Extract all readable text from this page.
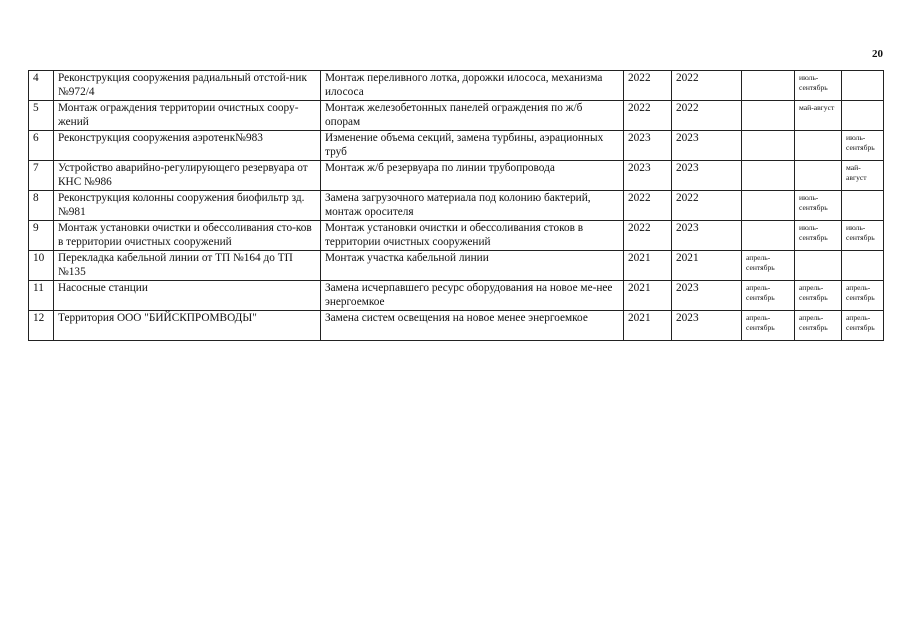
20
4	Реконструкция сооружения радиальный отстой-ник №972/4	Монтаж переливного лотка, дорожки илососа, механизма илососа	2022	2022		июль-сентябрь	
5	Монтаж ограждения территории очистных соору-жений	Монтаж железобетонных панелей ограждения по ж/б опорам	2022	2022		май-август	
6	Реконструкция сооружения аэротенк№983	Изменение объема секций, замена турбины, аэрационных труб	2023	2023			июль-сентябрь
7	Устройство аварийно-регулирующего резервуара от КНС №986	Монтаж ж/б резервуара по линии трубопровода	2023	2023			май-август
8	Реконструкция колонны сооружения биофильтр зд.№981	Замена загрузочного материала под колонию бактерий, монтаж оросителя	2022	2022		июль-сентябрь	
9	Монтаж установки очистки и обессоливания сто-ков в территории очистных сооружений	Монтаж установки очистки и обессоливания стоков в территории очистных сооружений	2022	2023		июль-сентябрь	июль-сентябрь
10	Перекладка кабельной линии от ТП №164 до ТП №135	Монтаж участка кабельной линии	2021	2021	апрель-сентябрь		
11	Насосные станции	Замена исчерпавшего ресурс оборудования на новое ме-нее энергоемкое	2021	2023	апрель-сентябрь	апрель-сентябрь	апрель-сентябрь
12	Территория ООО "БИЙСКПРОМВОДЫ"	Замена систем освещения на новое менее энергоемкое	2021	2023	апрель-сентябрь	апрель-сентябрь	апрель-сентябрь
